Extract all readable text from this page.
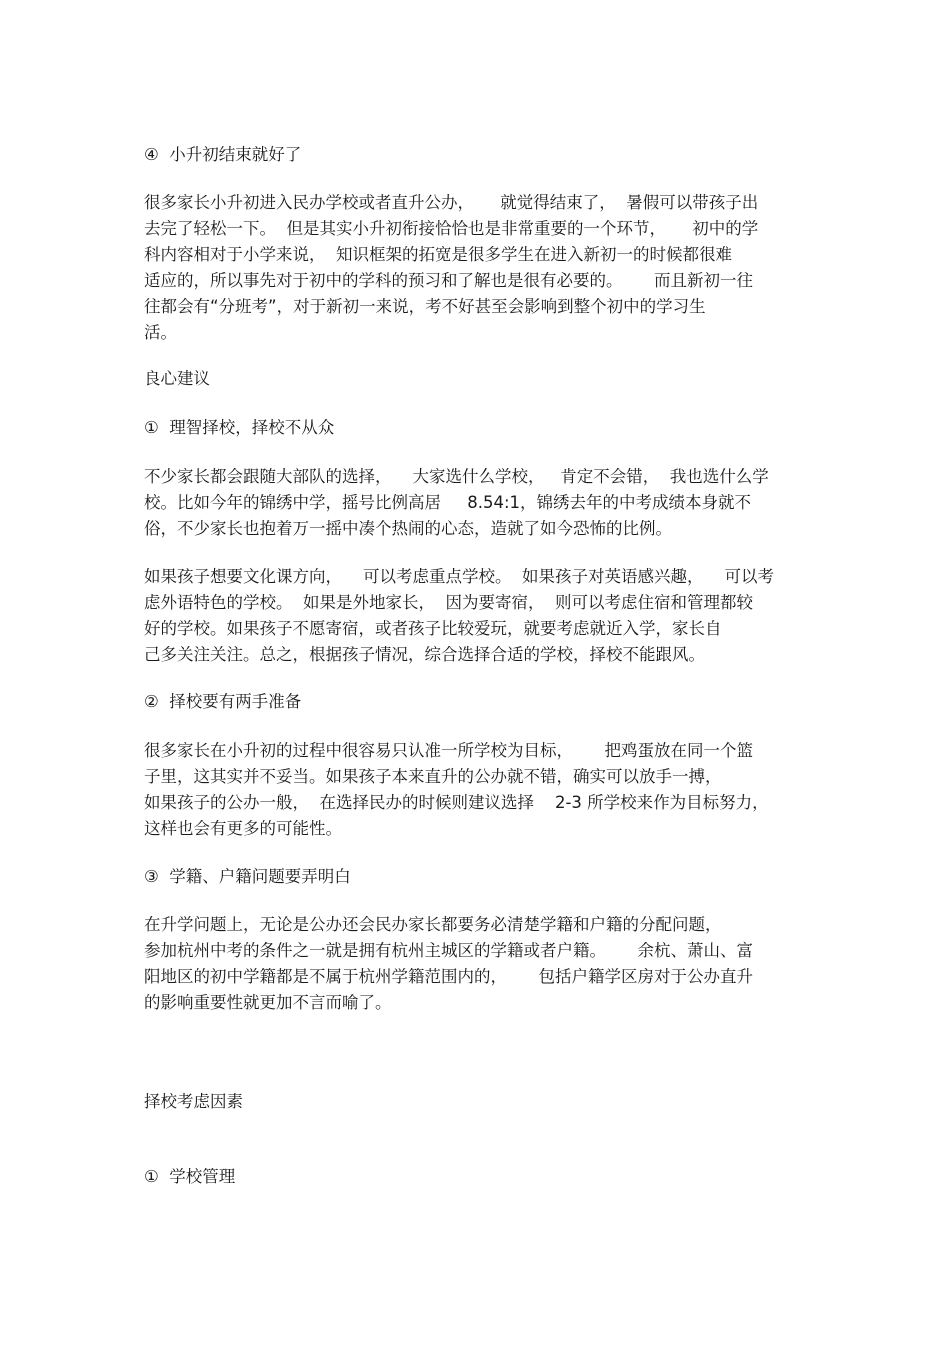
④  小升初结束就好了
很多家长小升初进入民办学校或者直升公办，     就觉得结束了，  暑假可以带孩子出
去完了轻松一下。  但是其实小升初衔接恰恰也是非常重要的一个环节，     初中的学
科内容相对于小学来说，  知识框架的拓宽是很多学生在进入新初一的时候都很难
适应的，所以事先对于初中的学科的预习和了解也是很有必要的。      而且新初一往
往都会有“分班考”，对于新初一来说，考不好甚至会影响到整个初中的学习生
活。
良心建议
①  理智择校，择校不从众
不少家长都会跟随大部队的选择，    大家选什么学校，   肯定不会错，  我也选什么学
校。比如今年的锦绣中学，摇号比例高居     8.54:1，锦绣去年的中考成绩本身就不
俗，不少家长也抱着万一摇中凑个热闹的心态，造就了如今恐怖的比例。
如果孩子想要文化课方向，    可以考虑重点学校。  如果孩子对英语感兴趣，    可以考
虑外语特色的学校。  如果是外地家长，  因为要寄宿，  则可以考虑住宿和管理都较
好的学校。如果孩子不愿寄宿，或者孩子比较爱玩，就要考虑就近入学，家长自
己多关注关注。总之，根据孩子情况，综合选择合适的学校，择校不能跟风。
②  择校要有两手准备
很多家长在小升初的过程中很容易只认准一所学校为目标，      把鸡蛋放在同一个篮
子里，这其实并不妥当。如果孩子本来直升的公办就不错，确实可以放手一搏，
如果孩子的公办一般，  在选择民办的时候则建议选择    2-3 所学校来作为目标努力，
这样也会有更多的可能性。
③  学籍、户籍问题要弄明白
在升学问题上，无论是公办还会民办家长都要务必清楚学籍和户籍的分配问题，
参加杭州中考的条件之一就是拥有杭州主城区的学籍或者户籍。      余杭、萧山、富
阳地区的初中学籍都是不属于杭州学籍范围内的，      包括户籍学区房对于公办直升
的影响重要性就更加不言而喻了。
择校考虑因素
①  学校管理
